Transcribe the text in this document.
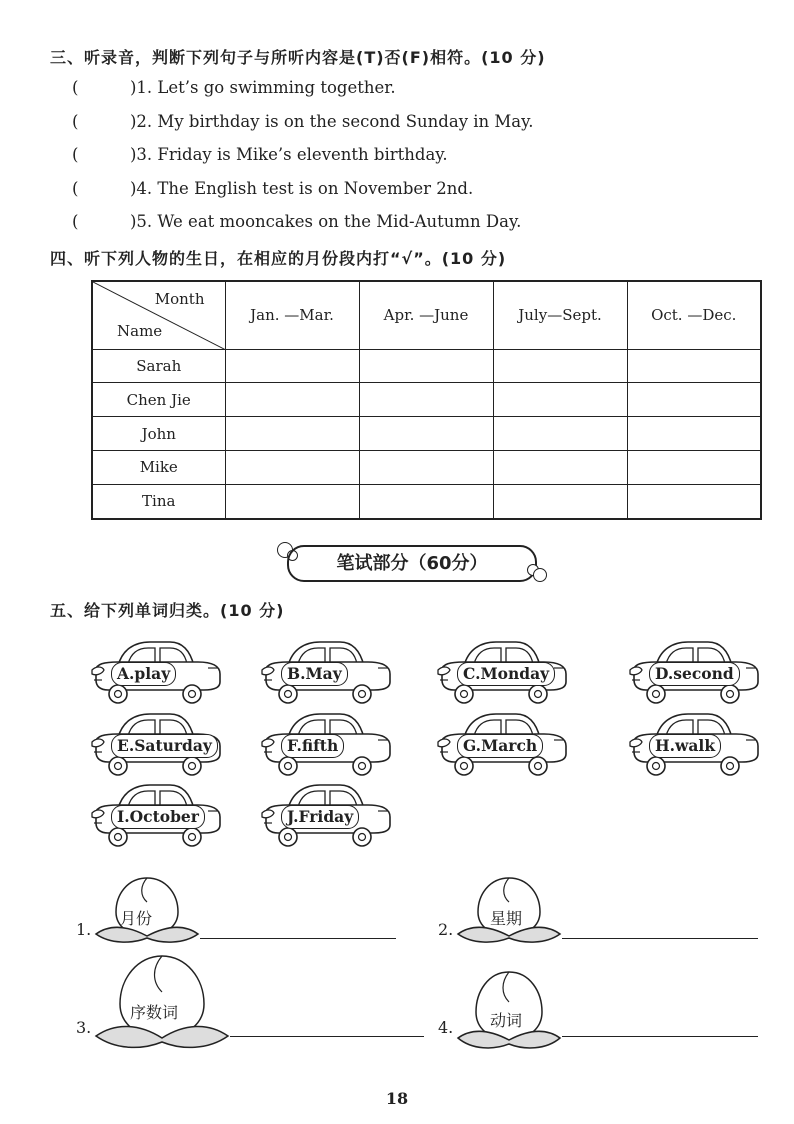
三、听录音，判断下列句子与所听内容是(T)否(F)相符。(10 分)
(	)1. Let’s go swimming together.
(	)2. My birthday is on the second Sunday in May.
(	)3. Friday is Mike’s eleventh birthday.
(	)4. The English test is on November 2nd.
(	)5. We eat mooncakes on the Mid-Autumn Day.
四、听下列人物的生日，在相应的月份段内打“√”。(10 分)
Month
Name	Jan. —Mar.	Apr. —June	July—Sept.	Oct. —Dec.
Sarah				
Chen Jie				
John				
Mike				
Tina				
笔试部分（60分）
五、给下列单词归类。(10 分)
A.play	B.May	C.Monday	D.second
E.Saturday	F.fifth	G.March	H.walk
I.October	J.Friday
1.
月份
2.
星期
3.
序数词
4. 动词
18
